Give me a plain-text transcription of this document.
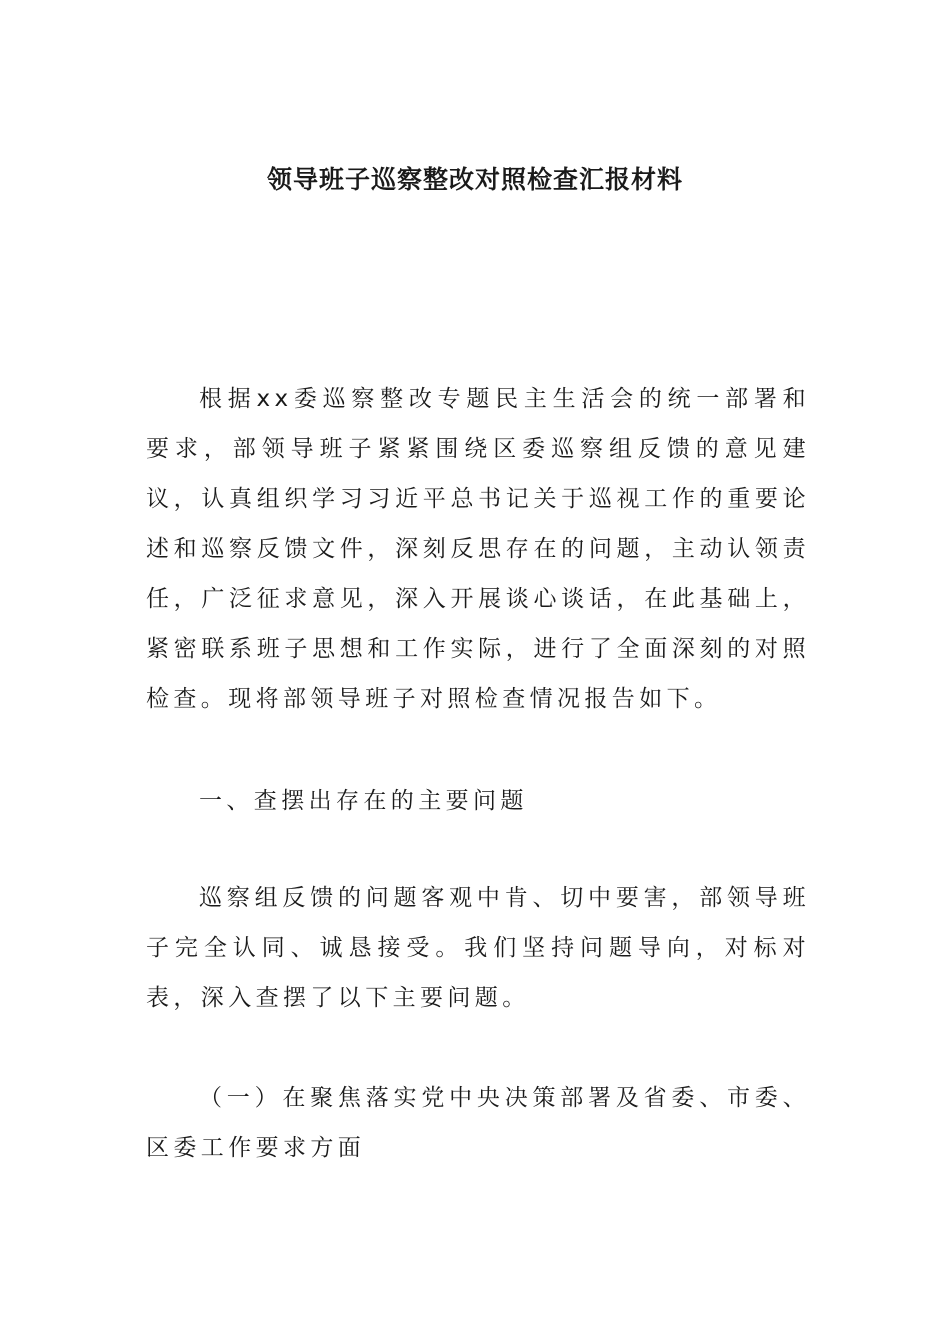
领导班子巡察整改对照检查汇报材料

根据xx委巡察整改专题民主生活会的统一部署和要求，部领导班子紧紧围绕区委巡察组反馈的意见建议，认真组织学习习近平总书记关于巡视工作的重要论述和巡察反馈文件，深刻反思存在的问题，主动认领责任，广泛征求意见，深入开展谈心谈话，在此基础上，紧密联系班子思想和工作实际，进行了全面深刻的对照检查。现将部领导班子对照检查情况报告如下。

一、查摆出存在的主要问题

巡察组反馈的问题客观中肯、切中要害，部领导班子完全认同、诚恳接受。我们坚持问题导向，对标对表，深入查摆了以下主要问题。

（一）在聚焦落实党中央决策部署及省委、市委、区委工作要求方面
